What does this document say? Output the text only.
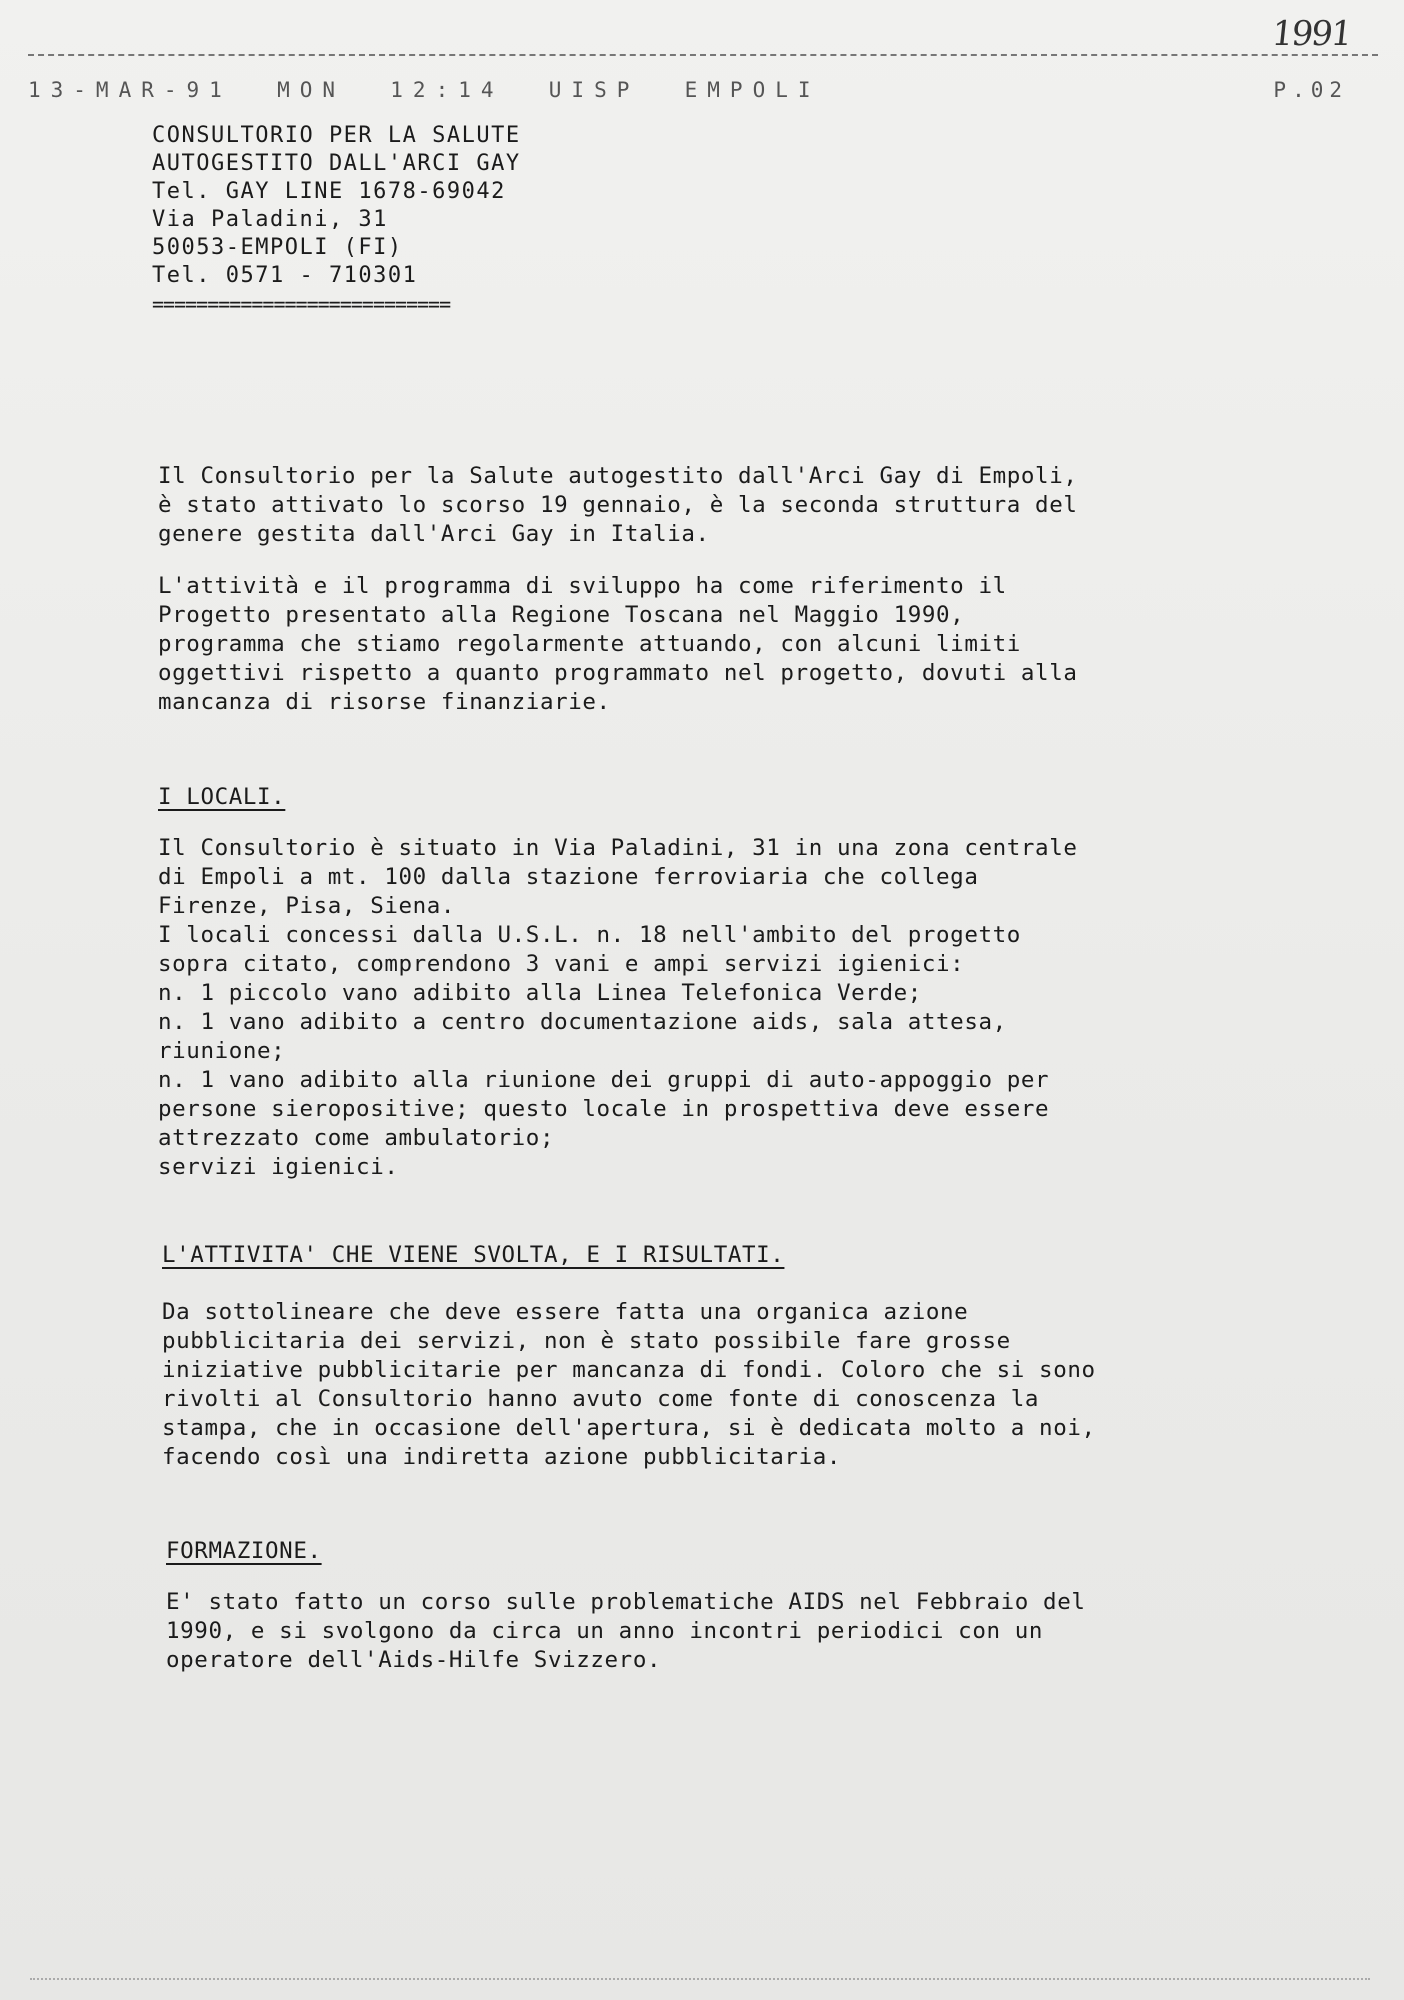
1991
13-MAR-91  MON  12:14  UISP  EMPOLI	P.02
CONSULTORIO PER LA SALUTE
AUTOGESTITO DALL'ARCI GAY
Tel. GAY LINE 1678-69042
Via Paladini, 31
50053-EMPOLI (FI)
Tel. 0571 - 710301
===========================
Il Consultorio per la Salute autogestito dall'Arci Gay di Empoli,
è stato attivato lo scorso 19 gennaio, è la seconda struttura del
genere gestita dall'Arci Gay in Italia.
L'attività e il programma di sviluppo ha come riferimento il
Progetto presentato alla Regione Toscana nel Maggio 1990,
programma che stiamo regolarmente attuando, con alcuni limiti
oggettivi rispetto a quanto programmato nel progetto, dovuti alla
mancanza di risorse finanziarie.
I LOCALI.
Il Consultorio è situato in Via Paladini, 31 in una zona centrale
di Empoli a mt. 100 dalla stazione ferroviaria che collega
Firenze, Pisa, Siena.
I locali concessi dalla U.S.L. n. 18 nell'ambito del progetto
sopra citato, comprendono 3 vani e ampi servizi igienici:
n. 1 piccolo vano adibito alla Linea Telefonica Verde;
n. 1 vano adibito a centro documentazione aids, sala attesa,
riunione;
n. 1 vano adibito alla riunione dei gruppi di auto-appoggio per
persone sieropositive; questo locale in prospettiva deve essere
attrezzato come ambulatorio;
servizi igienici.
L'ATTIVITA' CHE VIENE SVOLTA, E I RISULTATI.
Da sottolineare che deve essere fatta una organica azione
pubblicitaria dei servizi, non è stato possibile fare grosse
iniziative pubblicitarie per mancanza di fondi. Coloro che si sono
rivolti al Consultorio hanno avuto come fonte di conoscenza la
stampa, che in occasione dell'apertura, si è dedicata molto a noi,
facendo così una indiretta azione pubblicitaria.
FORMAZIONE.
E' stato fatto un corso sulle problematiche AIDS nel Febbraio del
1990, e si svolgono da circa un anno incontri periodici con un
operatore dell'Aids-Hilfe Svizzero.
